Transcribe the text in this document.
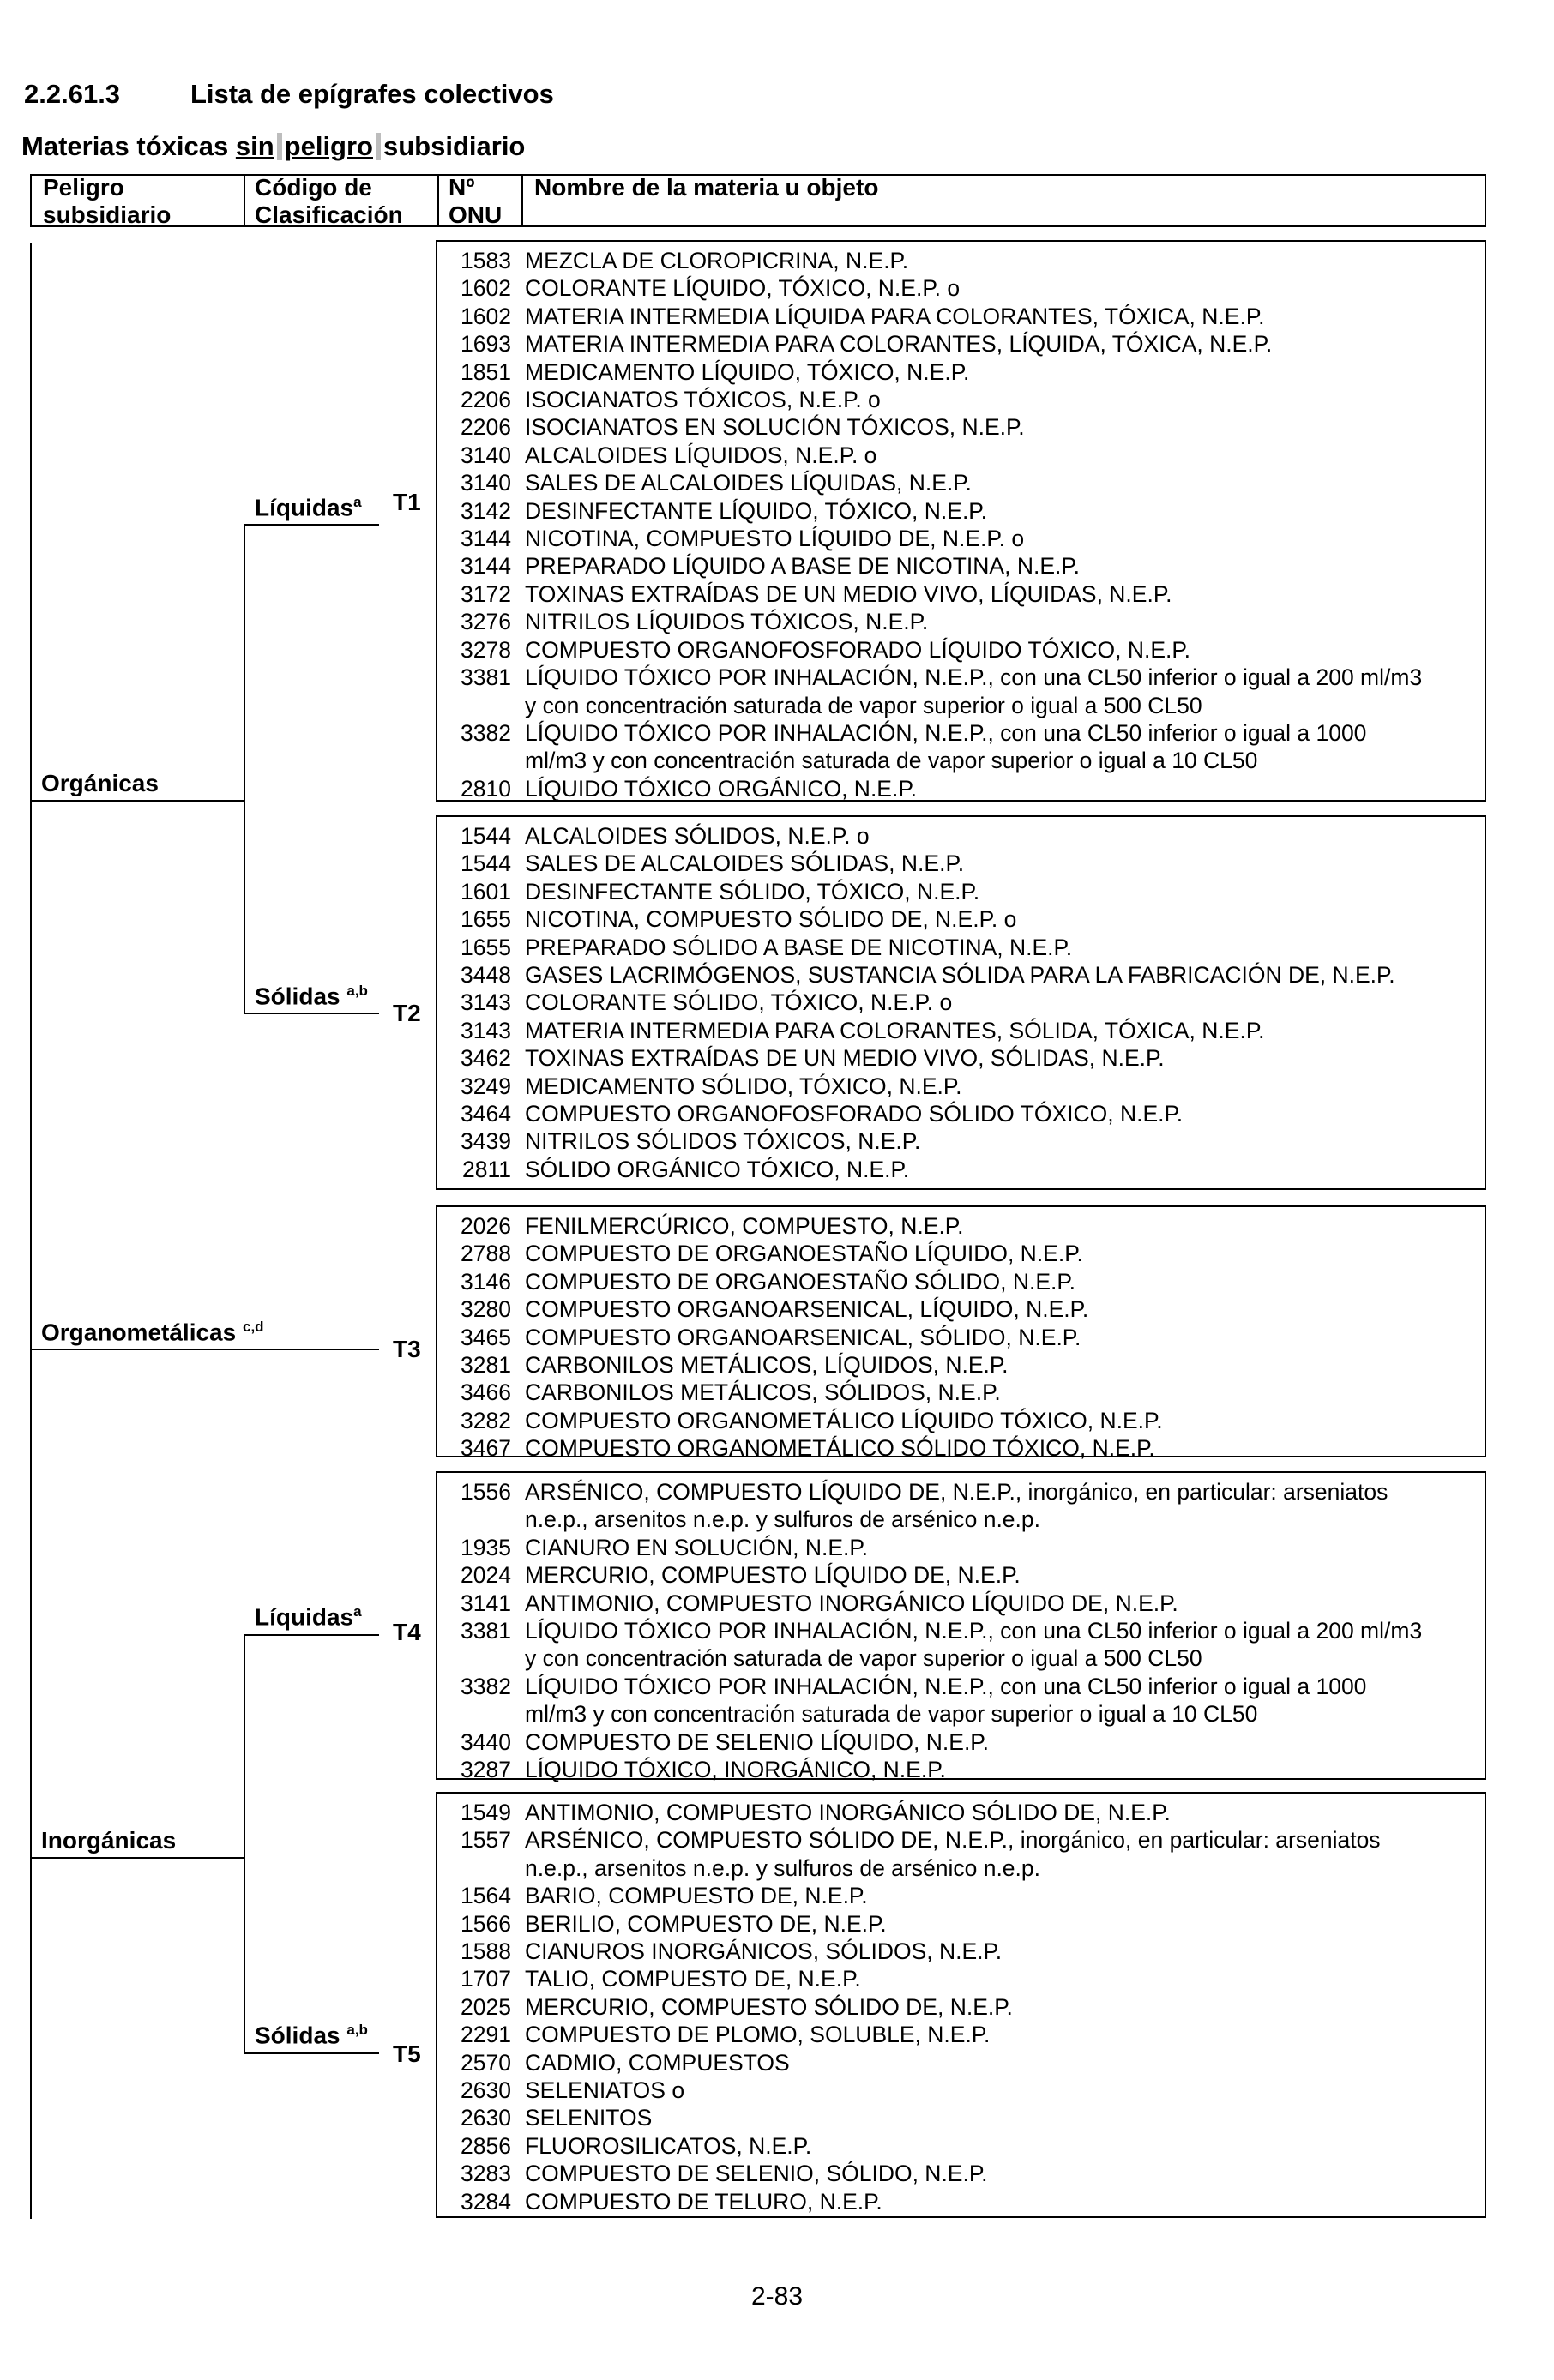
2.2.61.3	Lista de epígrafes colectivos
Materias tóxicas sin peligro subsidiario
Peligro
subsidiario
Código de
Clasificación
Nº
ONU
Nombre de la materia u objeto
Orgánicas
Organometálicas $^{c,d}$
Inorgánicas
Líquidas$^a$
Sólidas $^{a,b}$
Líquidas$^a$
Sólidas $^{a,b}$
T1
T2
T3
T4
T5
1583 MEZCLA DE CLOROPICRINA, N.E.P.
1602 COLORANTE LÍQUIDO, TÓXICO, N.E.P. o
1602 MATERIA INTERMEDIA LÍQUIDA PARA COLORANTES, TÓXICA, N.E.P.
1693 MATERIA INTERMEDIA PARA COLORANTES, LÍQUIDA, TÓXICA, N.E.P.
1851 MEDICAMENTO LÍQUIDO, TÓXICO, N.E.P.
2206 ISOCIANATOS TÓXICOS, N.E.P. o
2206 ISOCIANATOS EN SOLUCIÓN TÓXICOS, N.E.P.
3140 ALCALOIDES LÍQUIDOS, N.E.P. o
3140 SALES DE ALCALOIDES LÍQUIDAS, N.E.P.
3142 DESINFECTANTE LÍQUIDO, TÓXICO, N.E.P.
3144 NICOTINA, COMPUESTO LÍQUIDO DE, N.E.P. o
3144 PREPARADO LÍQUIDO A BASE DE NICOTINA, N.E.P.
3172 TOXINAS EXTRAÍDAS DE UN MEDIO VIVO, LÍQUIDAS, N.E.P.
3276 NITRILOS LÍQUIDOS TÓXICOS, N.E.P.
3278 COMPUESTO ORGANOFOSFORADO LÍQUIDO TÓXICO, N.E.P.
3381 LÍQUIDO TÓXICO POR INHALACIÓN, N.E.P., con una CL50 inferior o igual a 200 ml/m3
y con concentración saturada de vapor superior o igual a 500 CL50
3382 LÍQUIDO TÓXICO POR INHALACIÓN, N.E.P., con una CL50 inferior o igual a 1000
ml/m3 y con concentración saturada de vapor superior o igual a 10 CL50
2810 LÍQUIDO TÓXICO ORGÁNICO, N.E.P.
1544 ALCALOIDES SÓLIDOS, N.E.P. o
1544 SALES DE ALCALOIDES SÓLIDAS, N.E.P.
1601 DESINFECTANTE SÓLIDO, TÓXICO, N.E.P.
1655 NICOTINA, COMPUESTO SÓLIDO DE, N.E.P. o
1655 PREPARADO SÓLIDO A BASE DE NICOTINA, N.E.P.
3448 GASES LACRIMÓGENOS, SUSTANCIA SÓLIDA PARA LA FABRICACIÓN DE, N.E.P.
3143 COLORANTE SÓLIDO, TÓXICO, N.E.P. o
3143 MATERIA INTERMEDIA PARA COLORANTES, SÓLIDA, TÓXICA, N.E.P.
3462 TOXINAS EXTRAÍDAS DE UN MEDIO VIVO, SÓLIDAS, N.E.P.
3249 MEDICAMENTO SÓLIDO, TÓXICO, N.E.P.
3464 COMPUESTO ORGANOFOSFORADO SÓLIDO TÓXICO, N.E.P.
3439 NITRILOS SÓLIDOS TÓXICOS, N.E.P.
2811 SÓLIDO ORGÁNICO TÓXICO, N.E.P.
2026 FENILMERCÚRICO, COMPUESTO, N.E.P.
2788 COMPUESTO DE ORGANOESTAÑO LÍQUIDO, N.E.P.
3146 COMPUESTO DE ORGANOESTAÑO SÓLIDO, N.E.P.
3280 COMPUESTO ORGANOARSENICAL, LÍQUIDO, N.E.P.
3465 COMPUESTO ORGANOARSENICAL, SÓLIDO, N.E.P.
3281 CARBONILOS METÁLICOS, LÍQUIDOS, N.E.P.
3466 CARBONILOS METÁLICOS, SÓLIDOS, N.E.P.
3282 COMPUESTO ORGANOMETÁLICO LÍQUIDO TÓXICO, N.E.P.
3467 COMPUESTO ORGANOMETÁLICO SÓLIDO TÓXICO, N.E.P.
1556 ARSÉNICO, COMPUESTO LÍQUIDO DE, N.E.P., inorgánico, en particular: arseniatos
n.e.p., arsenitos n.e.p. y sulfuros de arsénico n.e.p.
1935 CIANURO EN SOLUCIÓN, N.E.P.
2024 MERCURIO, COMPUESTO LÍQUIDO DE, N.E.P.
3141 ANTIMONIO, COMPUESTO INORGÁNICO LÍQUIDO DE, N.E.P.
3381 LÍQUIDO TÓXICO POR INHALACIÓN, N.E.P., con una CL50 inferior o igual a 200 ml/m3
y con concentración saturada de vapor superior o igual a 500 CL50
3382 LÍQUIDO TÓXICO POR INHALACIÓN, N.E.P., con una CL50 inferior o igual a 1000
ml/m3 y con concentración saturada de vapor superior o igual a 10 CL50
3440 COMPUESTO DE SELENIO LÍQUIDO, N.E.P.
3287 LÍQUIDO TÓXICO, INORGÁNICO, N.E.P.
1549 ANTIMONIO, COMPUESTO INORGÁNICO SÓLIDO DE, N.E.P.
1557 ARSÉNICO, COMPUESTO SÓLIDO DE, N.E.P., inorgánico, en particular: arseniatos
n.e.p., arsenitos n.e.p. y sulfuros de arsénico n.e.p.
1564 BARIO, COMPUESTO DE, N.E.P.
1566 BERILIO, COMPUESTO DE, N.E.P.
1588 CIANUROS INORGÁNICOS, SÓLIDOS, N.E.P.
1707 TALIO, COMPUESTO DE, N.E.P.
2025 MERCURIO, COMPUESTO SÓLIDO DE, N.E.P.
2291 COMPUESTO DE PLOMO, SOLUBLE, N.E.P.
2570 CADMIO, COMPUESTOS
2630 SELENIATOS o
2630 SELENITOS
2856 FLUOROSILICATOS, N.E.P.
3283 COMPUESTO DE SELENIO, SÓLIDO, N.E.P.
3284 COMPUESTO DE TELURO, N.E.P.
2-83
